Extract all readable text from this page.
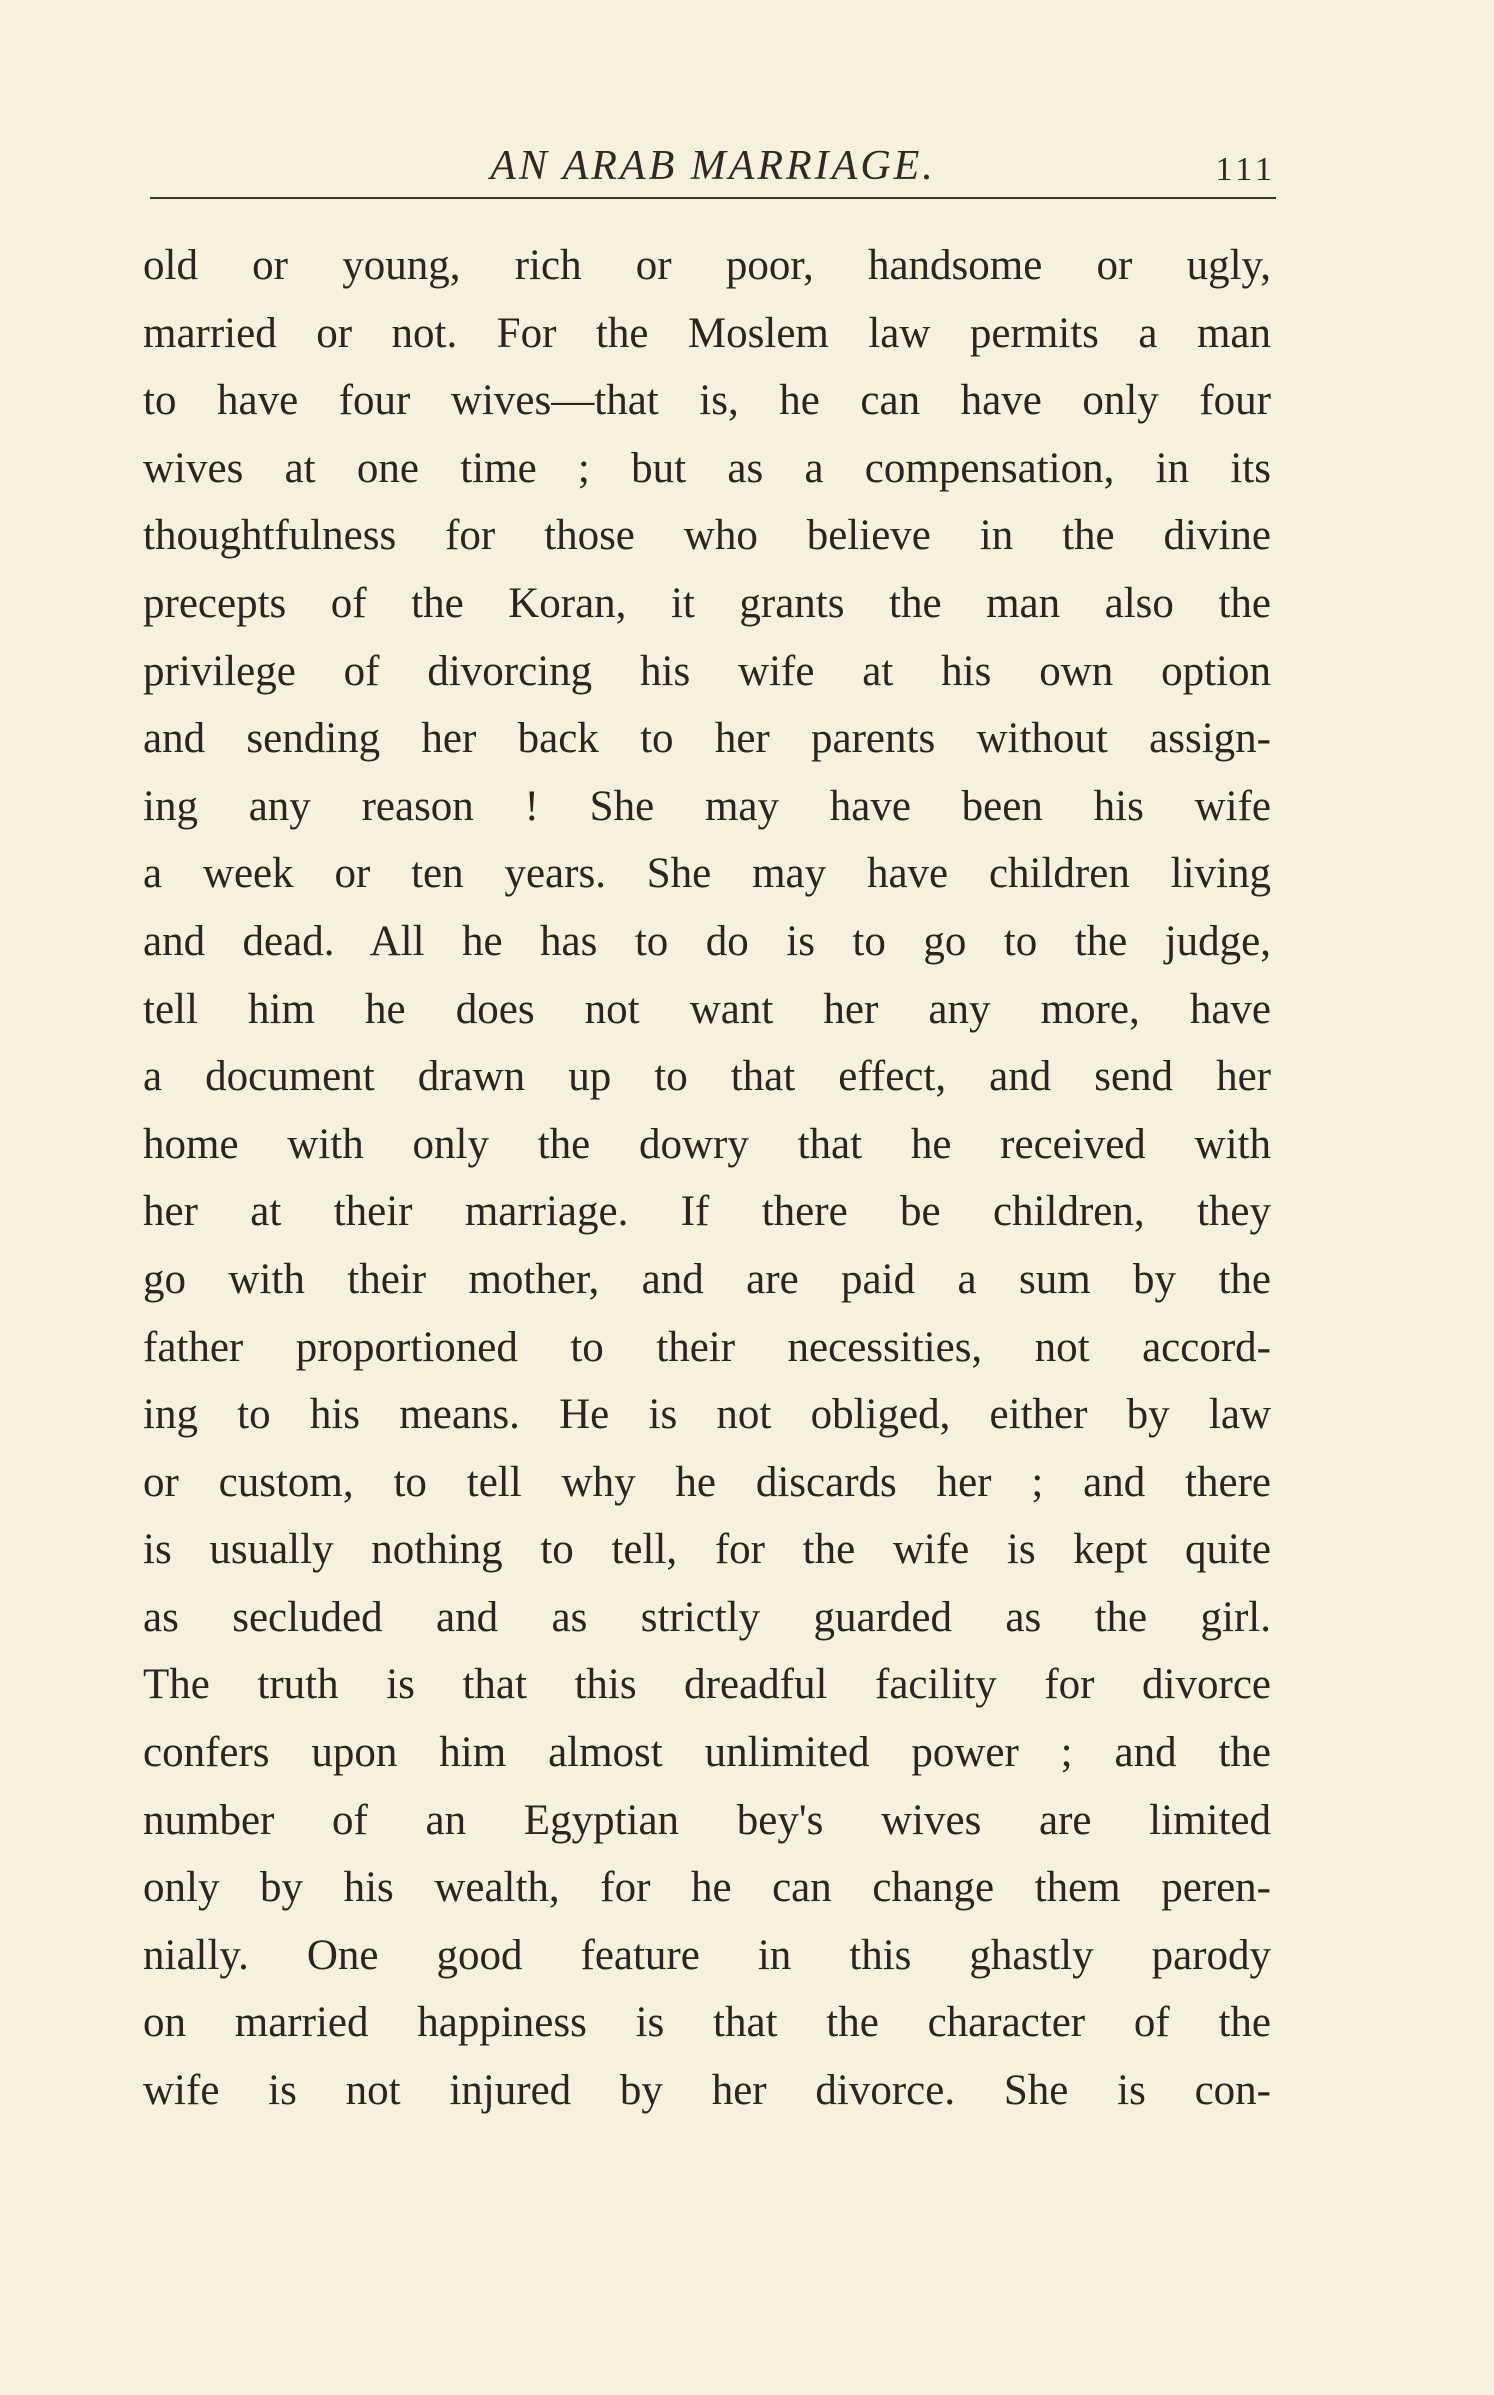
AN ARAB MARRIAGE.	111
old or young, rich or poor, handsome or ugly,
married or not. For the Moslem law permits a man
to have four wives—that is, he can have only four
wives at one time ; but as a compensation, in its
thoughtfulness for those who believe in the divine
precepts of the Koran, it grants the man also the
privilege of divorcing his wife at his own option
and sending her back to her parents without assign-
ing any reason ! She may have been his wife
a week or ten years. She may have children living
and dead. All he has to do is to go to the judge,
tell him he does not want her any more, have
a document drawn up to that effect, and send her
home with only the dowry that he received with
her at their marriage. If there be children, they
go with their mother, and are paid a sum by the
father proportioned to their necessities, not accord-
ing to his means. He is not obliged, either by law
or custom, to tell why he discards her ; and there
is usually nothing to tell, for the wife is kept quite
as secluded and as strictly guarded as the girl.
The truth is that this dreadful facility for divorce
confers upon him almost unlimited power ; and the
number of an Egyptian bey's wives are limited
only by his wealth, for he can change them peren-
nially. One good feature in this ghastly parody
on married happiness is that the character of the
wife is not injured by her divorce. She is con-
